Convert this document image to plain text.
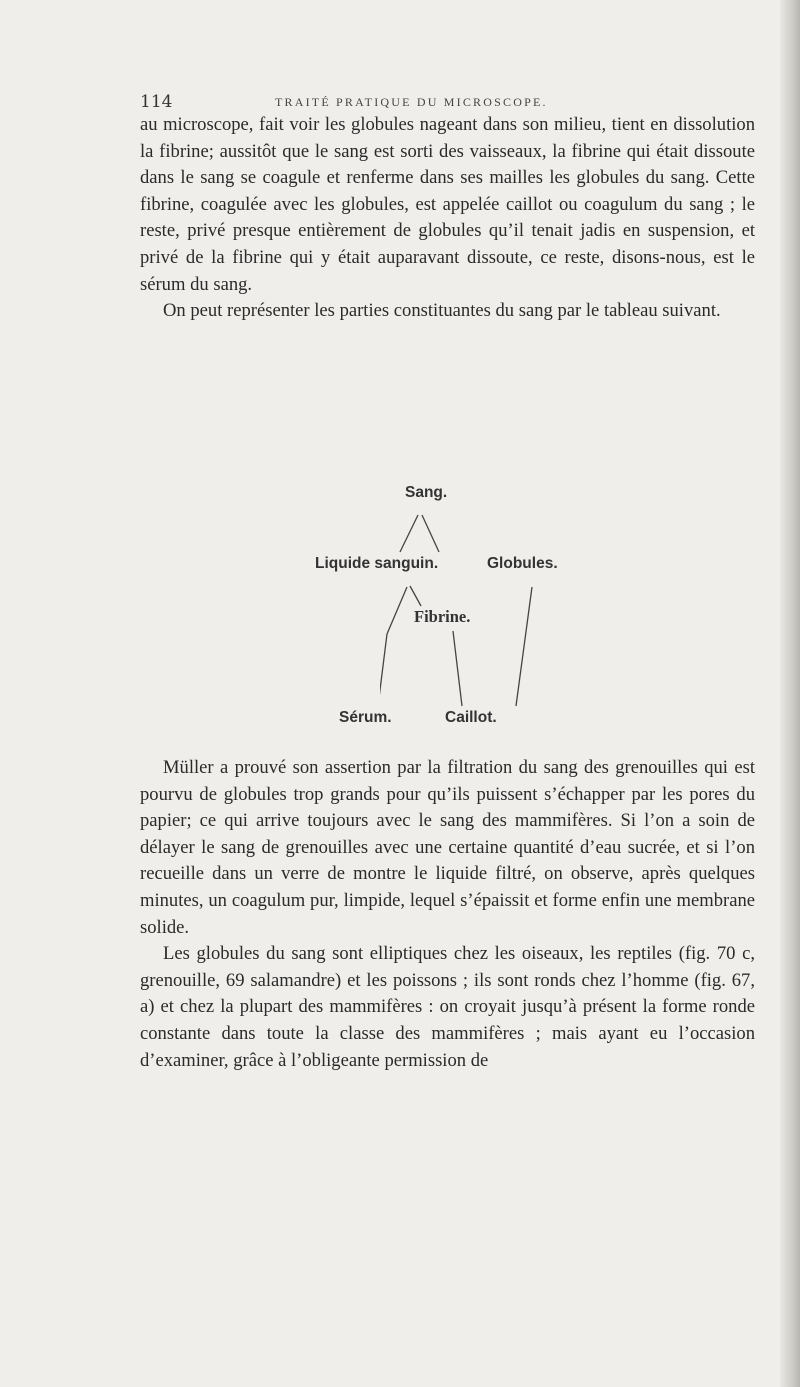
114	TRAITÉ PRATIQUE DU MICROSCOPE.

au microscope, fait voir les globules nageant dans son milieu, tient en dissolution la fibrine; aussitôt que le sang est sorti des vaisseaux, la fibrine qui était dissoute dans le sang se coagule et renferme dans ses mailles les globules du sang. Cette fibrine, coagulée avec les globules, est appelée caillot ou coagulum du sang ; le reste, privé presque entièrement de globules qu’il tenait jadis en suspension, et privé de la fibrine qui y était auparavant dissoute, ce reste, disons-nous, est le sérum du sang.

On peut représenter les parties constituantes du sang par le tableau suivant.

Sang.
Liquide sanguin.	Globules.
Fibrine.
Sérum.	Caillot.

Müller a prouvé son assertion par la filtration du sang des grenouilles qui est pourvu de globules trop grands pour qu’ils puissent s’échapper par les pores du papier; ce qui arrive toujours avec le sang des mammifères. Si l’on a soin de délayer le sang de grenouilles avec une certaine quantité d’eau sucrée, et si l’on recueille dans un verre de montre le liquide filtré, on observe, après quelques minutes, un coagulum pur, limpide, lequel s’épaissit et forme enfin une membrane solide.

Les globules du sang sont elliptiques chez les oiseaux, les reptiles (fig. 70 c, grenouille, 69 salamandre) et les poissons ; ils sont ronds chez l’homme (fig. 67, a) et chez la plupart des mammifères : on croyait jusqu’à présent la forme ronde constante dans toute la classe des mammifères ; mais ayant eu l’occasion d’examiner, grâce à l’obligeante permission de
